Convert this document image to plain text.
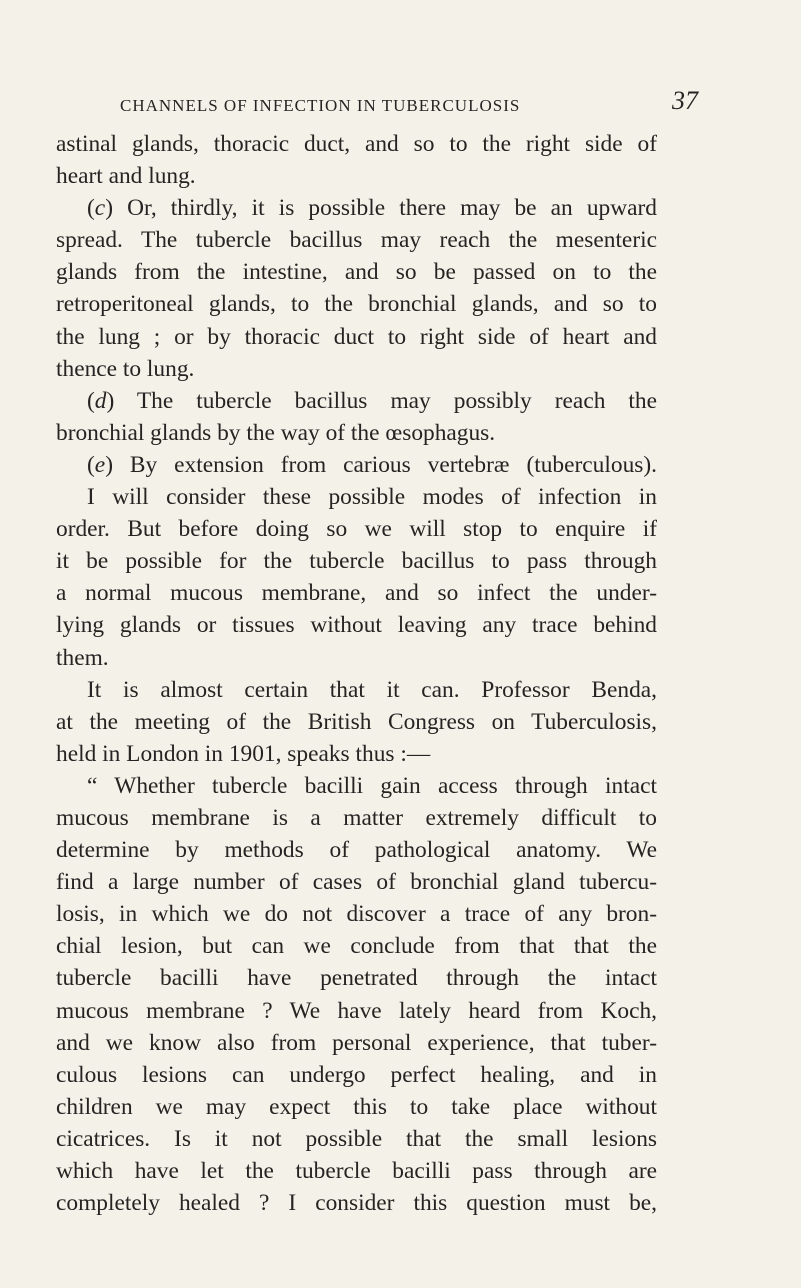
CHANNELS OF INFECTION IN TUBERCULOSIS	37
astinal glands, thoracic duct, and so to the right side of
heart and lung.
(c) Or, thirdly, it is possible there may be an upward
spread. The tubercle bacillus may reach the mesenteric
glands from the intestine, and so be passed on to the
retroperitoneal glands, to the bronchial glands, and so to
the lung ; or by thoracic duct to right side of heart and
thence to lung.
(d) The tubercle bacillus may possibly reach the
bronchial glands by the way of the œsophagus.
(e) By extension from carious vertebræ (tuberculous).
I will consider these possible modes of infection in
order. But before doing so we will stop to enquire if
it be possible for the tubercle bacillus to pass through
a normal mucous membrane, and so infect the under-
lying glands or tissues without leaving any trace behind
them.
It is almost certain that it can. Professor Benda,
at the meeting of the British Congress on Tuberculosis,
held in London in 1901, speaks thus :—
“ Whether tubercle bacilli gain access through intact
mucous membrane is a matter extremely difficult to
determine by methods of pathological anatomy. We
find a large number of cases of bronchial gland tubercu-
losis, in which we do not discover a trace of any bron-
chial lesion, but can we conclude from that that the
tubercle bacilli have penetrated through the intact
mucous membrane ? We have lately heard from Koch,
and we know also from personal experience, that tuber-
culous lesions can undergo perfect healing, and in
children we may expect this to take place without
cicatrices. Is it not possible that the small lesions
which have let the tubercle bacilli pass through are
completely healed ? I consider this question must be,
